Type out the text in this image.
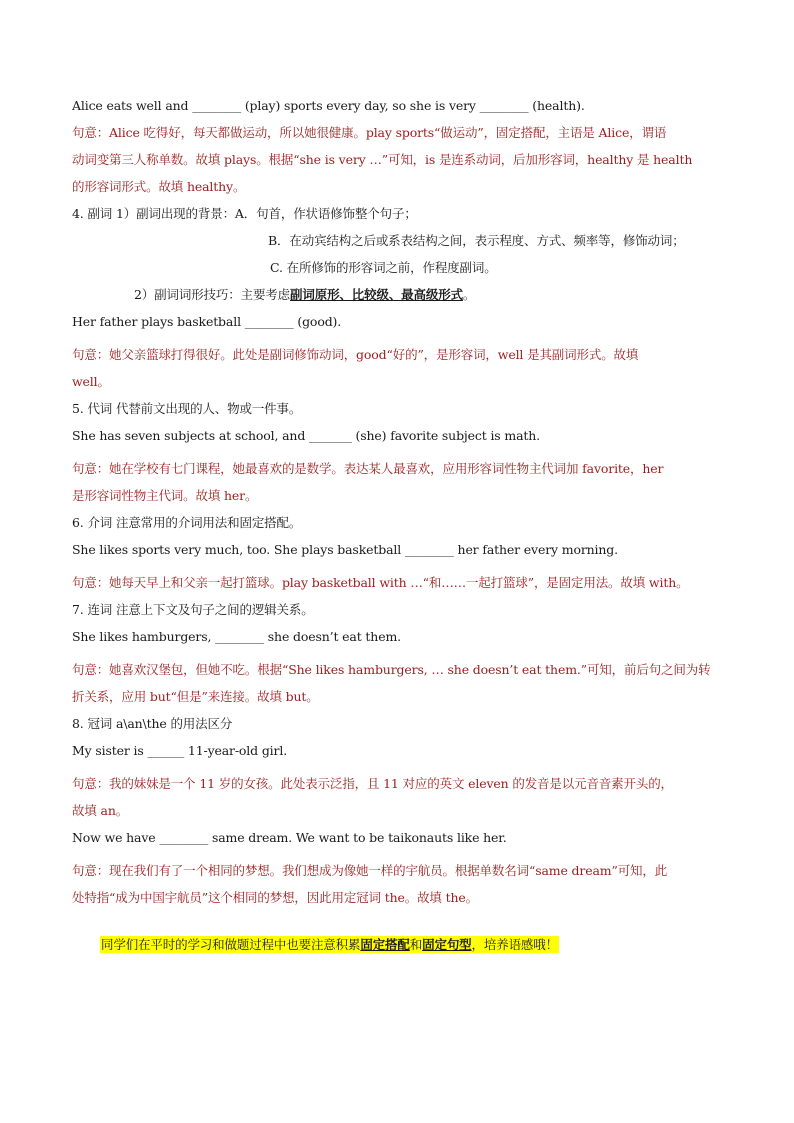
Alice eats well and ________ (play) sports every day, so she is very ________ (health).
句意：Alice 吃得好，每天都做运动，所以她很健康。play sports“做运动”，固定搭配，主语是 Alice，谓语
动词变第三人称单数。故填 plays。根据“she is very …”可知，is 是连系动词，后加形容词，healthy 是 health
的形容词形式。故填 healthy。
4. 副词 1）副词出现的背景：A．句首，作状语修饰整个句子；
B．在动宾结构之后或系表结构之间，表示程度、方式、频率等，修饰动词；
C. 在所修饰的形容词之前，作程度副词。
2）副词词形技巧：主要考虑副词原形、比较级、最高级形式。
Her father plays basketball ________ (good).
句意：她父亲篮球打得很好。此处是副词修饰动词，good“好的”，是形容词，well 是其副词形式。故填
well。
5. 代词 代替前文出现的人、物或一件事。
She has seven subjects at school, and _______ (she) favorite subject is math.
句意：她在学校有七门课程，她最喜欢的是数学。表达某人最喜欢，应用形容词性物主代词加 favorite，her
是形容词性物主代词。故填 her。
6. 介词 注意常用的介词用法和固定搭配。
She likes sports very much, too. She plays basketball ________ her father every morning.
句意：她每天早上和父亲一起打篮球。play basketball with …“和……一起打篮球”，是固定用法。故填 with。
7. 连词 注意上下文及句子之间的逻辑关系。
She likes hamburgers, ________ she doesn’t eat them.
句意：她喜欢汉堡包，但她不吃。根据“She likes hamburgers, … she doesn’t eat them.”可知，前后句之间为转
折关系，应用 but“但是”来连接。故填 but。
8. 冠词 a\an\the 的用法区分
My sister is ______ 11-year-old girl.
句意：我的妹妹是一个 11 岁的女孩。此处表示泛指，且 11 对应的英文 eleven 的发音是以元音音素开头的，
故填 an。
Now we have ________ same dream. We want to be taikonauts like her.
句意：现在我们有了一个相同的梦想。我们想成为像她一样的宇航员。根据单数名词“same dream”可知，此
处特指“成为中国宇航员”这个相同的梦想，因此用定冠词 the。故填 the。
同学们在平时的学习和做题过程中也要注意积累固定搭配和固定句型，培养语感哦！
